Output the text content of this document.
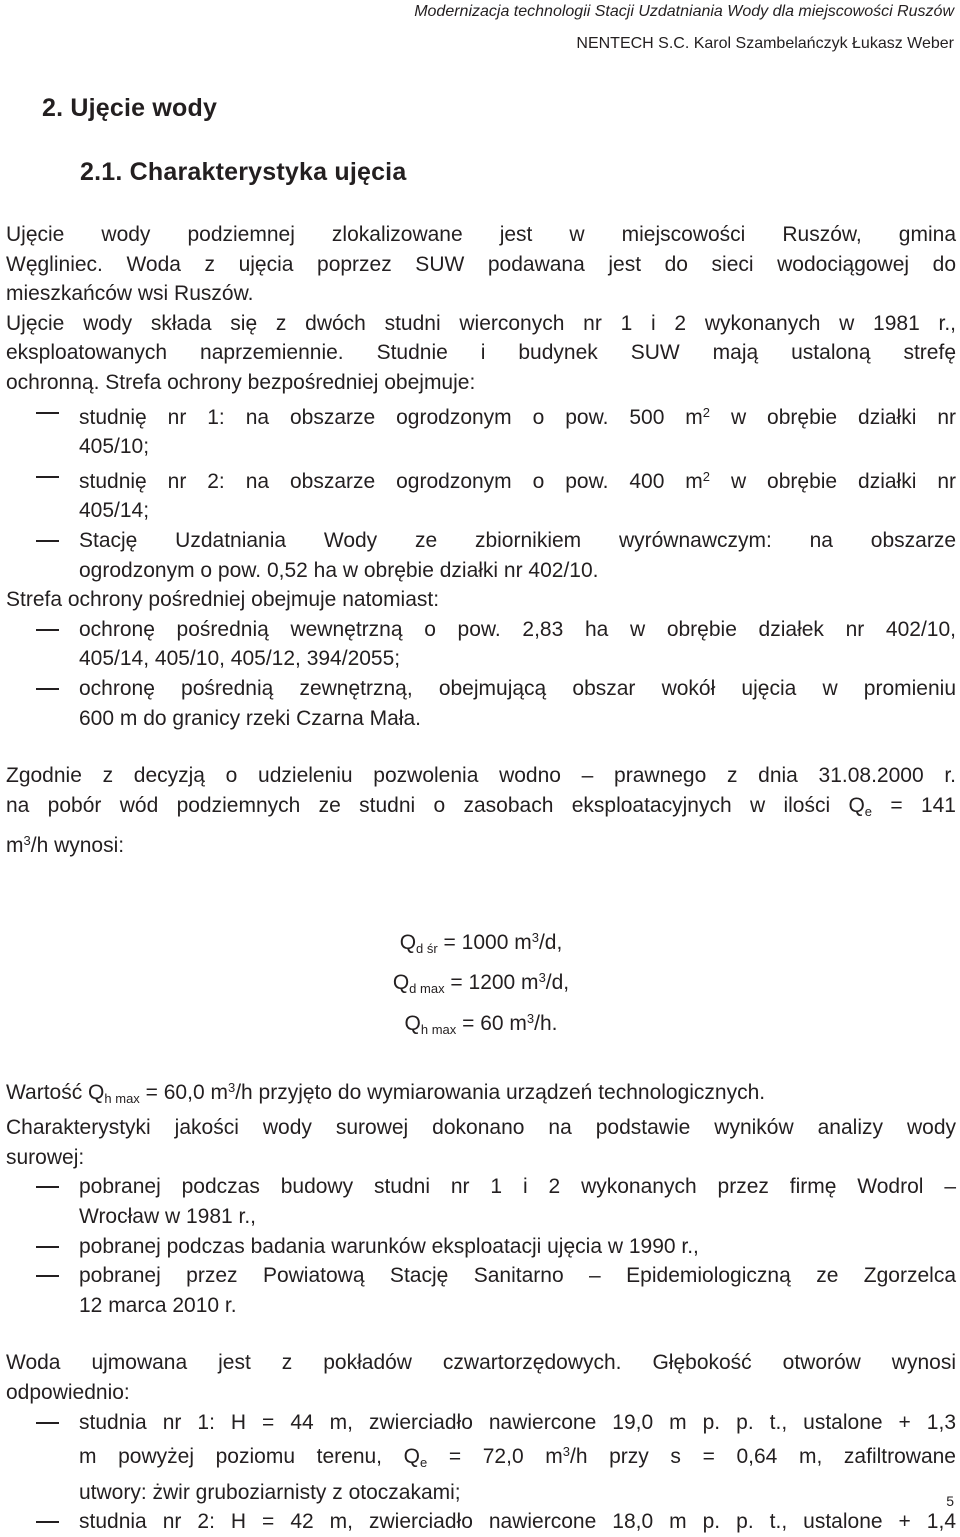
Modernizacja technologii Stacji Uzdatniania Wody dla miejscowości Ruszów
NENTECH S.C. Karol Szambelańczyk Łukasz Weber
2. Ujęcie wody
2.1. Charakterystyka ujęcia

Ujęcie wody podziemnej zlokalizowane jest w miejscowości Ruszów, gmina

Węgliniec. Woda z ujęcia poprzez SUW podawana jest do sieci wodociągowej do

mieszkańców wsi Ruszów.

Ujęcie wody składa się z dwóch studni wierconych nr 1 i 2 wykonanych w 1981 r.,

eksploatowanych naprzemiennie. Studnie i budynek SUW mają ustaloną strefę

ochronną. Strefa ochrony bezpośredniej obejmuje:

studnię nr 1: na obszarze ogrodzonym o pow. 500 $m^2$ w obrębie działki nr

405/10;

studnię nr 2: na obszarze ogrodzonym o pow. 400 $m^2$ w obrębie działki nr

405/14;

Stację Uzdatniania Wody ze zbiornikiem wyrównawczym: na obszarze

ogrodzonym o pow. 0,52 ha w obrębie działki nr 402/10.

Strefa ochrony pośredniej obejmuje natomiast:

ochronę pośrednią wewnętrzną o pow. 2,83 ha w obrębie działek nr 402/10,

405/14, 405/10, 405/12, 394/2055;

ochronę pośrednią zewnętrzną, obejmującą obszar wokół ujęcia w promieniu

600 m do granicy rzeki Czarna Mała.

Zgodnie z decyzją o udzieleniu pozwolenia wodno – prawnego z dnia 31.08.2000 r.

na pobór wód podziemnych ze studni o zasobach eksploatacyjnych w ilości $Q_e = 141$

$m^3/h$ wynosi:

$Q_{d śr} = 1000$ $m^3/d$,

$Q_{d max} = 1200$ $m^3/d$,

$Q_{h max} = 60$ $m^3/h$.

Wartość $Q_{h max} = 60,0$ $m^3/h$ przyjęto do wymiarowania urządzeń technologicznych.

Charakterystyki jakości wody surowej dokonano na podstawie wyników analizy wody

surowej:

pobranej podczas budowy studni nr 1 i 2 wykonanych przez firmę Wodrol –

Wrocław w 1981 r.,

pobranej podczas badania warunków eksploatacji ujęcia w 1990 r.,

pobranej przez Powiatową Stację Sanitarno – Epidemiologiczną ze Zgorzelca

12 marca 2010 r.

Woda ujmowana jest z pokładów czwartorzędowych. Głębokość otworów wynosi

odpowiednio:

studnia nr 1: H = 44 m, zwierciadło nawiercone 19,0 m p. p. t., ustalone + 1,3

m powyżej poziomu terenu, $Q_e = 72,0$ $m^3/h$ przy s = 0,64 m, zafiltrowane

utwory: żwir gruboziarnisty z otoczakami;

studnia nr 2: H = 42 m, zwierciadło nawiercone 18,0 m p. p. t., ustalone + 1,4

5
